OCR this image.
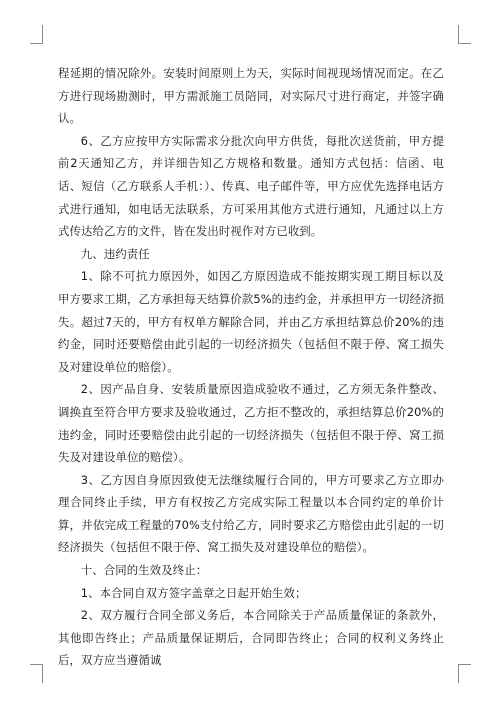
程延期的情况除外。安装时间原则上为天，实际时间视现场情况而定。在乙方进行现场勘测时，甲方需派施工员陪同，对实际尺寸进行商定，并签字确认。

6、乙方应按甲方实际需求分批次向甲方供货，每批次送货前，甲方提前2天通知乙方，并详细告知乙方规格和数量。通知方式包括：信函、电话、短信（乙方联系人手机：）、传真、电子邮件等，甲方应优先选择电话方式进行通知，如电话无法联系，方可采用其他方式进行通知，凡通过以上方式传达给乙方的文件，皆在发出时视作对方已收到。

九、违约责任

1、除不可抗力原因外，如因乙方原因造成不能按期实现工期目标以及甲方要求工期，乙方承担每天结算价款5%的违约金，并承担甲方一切经济损失。超过7天的，甲方有权单方解除合同，并由乙方承担结算总价20%的违约金，同时还要赔偿由此引起的一切经济损失（包括但不限于停、窝工损失及对建设单位的赔偿）。

2、因产品自身、安装质量原因造成验收不通过，乙方须无条件整改、调换直至符合甲方要求及验收通过，乙方拒不整改的，承担结算总价20%的违约金，同时还要赔偿由此引起的一切经济损失（包括但不限于停、窝工损失及对建设单位的赔偿）。

3、乙方因自身原因致使无法继续履行合同的，甲方可要求乙方立即办理合同终止手续，甲方有权按乙方完成实际工程量以本合同约定的单价计算，并依完成工程量的70%支付给乙方，同时要求乙方赔偿由此引起的一切经济损失（包括但不限于停、窝工损失及对建设单位的赔偿）。

十、合同的生效及终止：

1、本合同自双方签字盖章之日起开始生效；

2、双方履行合同全部义务后，本合同除关于产品质量保证的条款外，其他即告终止；产品质量保证期后，合同即告终止；合同的权利义务终止后，双方应当遵循诚
